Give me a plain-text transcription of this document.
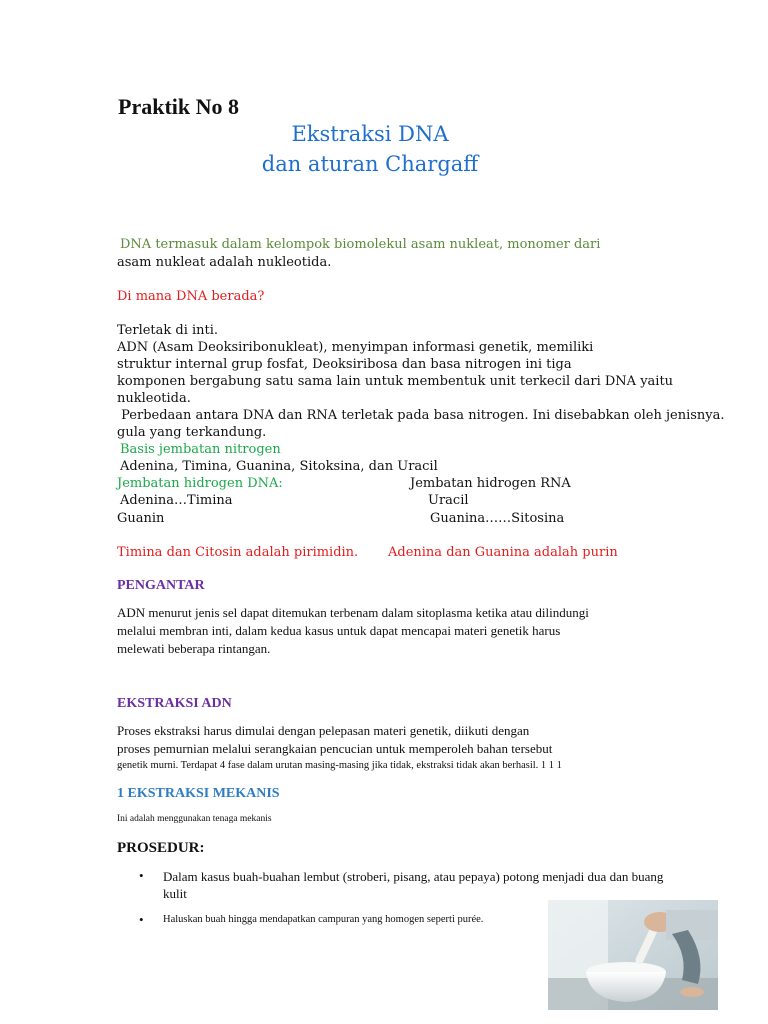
Praktik No 8
Ekstraksi DNA
dan aturan Chargaff
DNA termasuk dalam kelompok biomolekul asam nukleat, monomer dari
asam nukleat adalah nukleotida.
Di mana DNA berada?
Terletak di inti.
ADN (Asam Deoksiribonukleat), menyimpan informasi genetik, memiliki
struktur internal grup fosfat, Deoksiribosa dan basa nitrogen ini tiga
komponen bergabung satu sama lain untuk membentuk unit terkecil dari DNA yaitu
nukleotida.
Perbedaan antara DNA dan RNA terletak pada basa nitrogen. Ini disebabkan oleh jenisnya.
gula yang terkandung.
Basis jembatan nitrogen
Adenina, Timina, Guanina, Sitoksina, dan Uracil
Jembatan hidrogen DNA:	Jembatan hidrogen RNA
Adenina…Timina	Uracil
Guanin	Guanina……Sitosina
Timina dan Citosin adalah pirimidin. Adenina dan Guanina adalah purin
PENGANTAR
ADN menurut jenis sel dapat ditemukan terbenam dalam sitoplasma ketika atau dilindungi
melalui membran inti, dalam kedua kasus untuk dapat mencapai materi genetik harus
melewati beberapa rintangan.
EKSTRAKSI ADN
Proses ekstraksi harus dimulai dengan pelepasan materi genetik, diikuti dengan
proses pemurnian melalui serangkaian pencucian untuk memperoleh bahan tersebut
genetik murni. Terdapat 4 fase dalam urutan masing-masing jika tidak, ekstraksi tidak akan berhasil. 1 1 1
1 EKSTRAKSI MEKANIS
Ini adalah menggunakan tenaga mekanis
PROSEDUR:
• Dalam kasus buah-buahan lembut (stroberi, pisang, atau pepaya) potong menjadi dua dan buang
kulit
• Haluskan buah hingga mendapatkan campuran yang homogen seperti purée.
